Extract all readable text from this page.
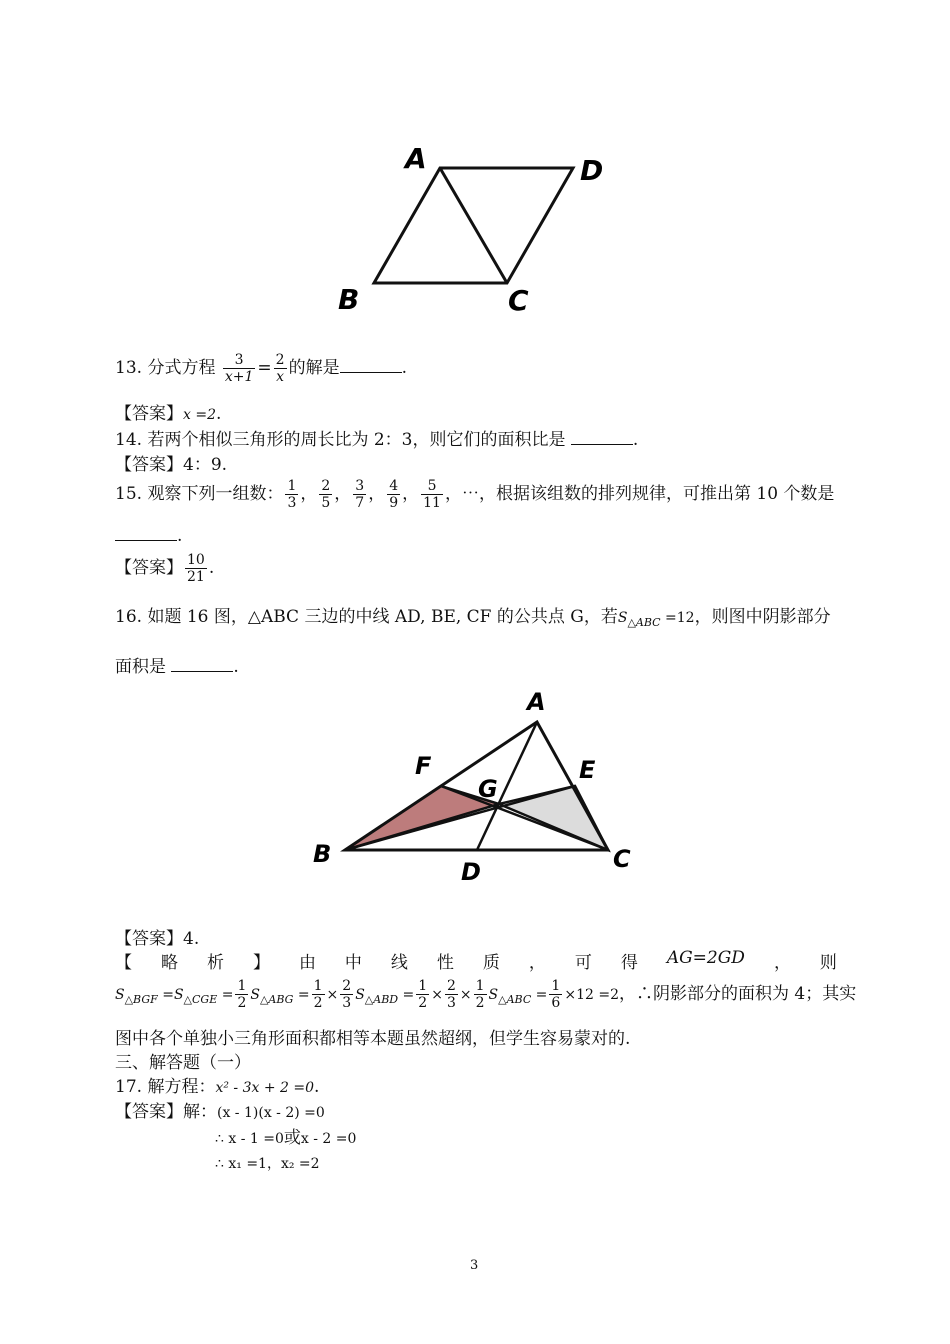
A	D
B	C
13. 分式方程 $\frac{3}{x+1} = \frac{2}{x}$ 的解是	.
【答案】x =2.
14. 若两个相似三角形的周长比为 2：3，则它们的面积比是	.
【答案】4：9.
15. 观察下列一组数： $\frac{1}{3}$ ， $\frac{2}{5}$ ， $\frac{3}{7}$ ， $\frac{4}{9}$ ， $\frac{5}{11}$ ，⋯，根据该组数的排列规律，可推出第 10 个数是
.
【答案】 $\frac{10}{21}$ .
16. 如题 16 图，△ABC 三边的中线 AD, BE, CF 的公共点 G，若$S_{\triangle ABC} =12$，则图中阴影部分
面积是	.
A
E
F
G
B	C
D
【答案】4.
【 略 析 】 由 中 线 性 质 ， 可 得 AG=2GD ， 则
$S_{\triangle BGF} =S_{\triangle CGE} = \frac{1}{2} S_{\triangle ABG} = \frac{1}{2} \times \frac{2}{3} S_{\triangle ABD} = \frac{1}{2} \times \frac{2}{3} \times \frac{1}{2} S_{\triangle ABC} = \frac{1}{6} \times 12 =2$，∴阴影部分的面积为 4；其实
图中各个单独小三角形面积都相等本题虽然超纲，但学生容易蒙对的.
三、解答题（一）
17. 解方程：x² - 3x + 2 =0.
【答案】解：(x - 1)(x - 2) =0
∴ x - 1 =0或x - 2 =0
∴ x₁ =1，x₂ =2
3
